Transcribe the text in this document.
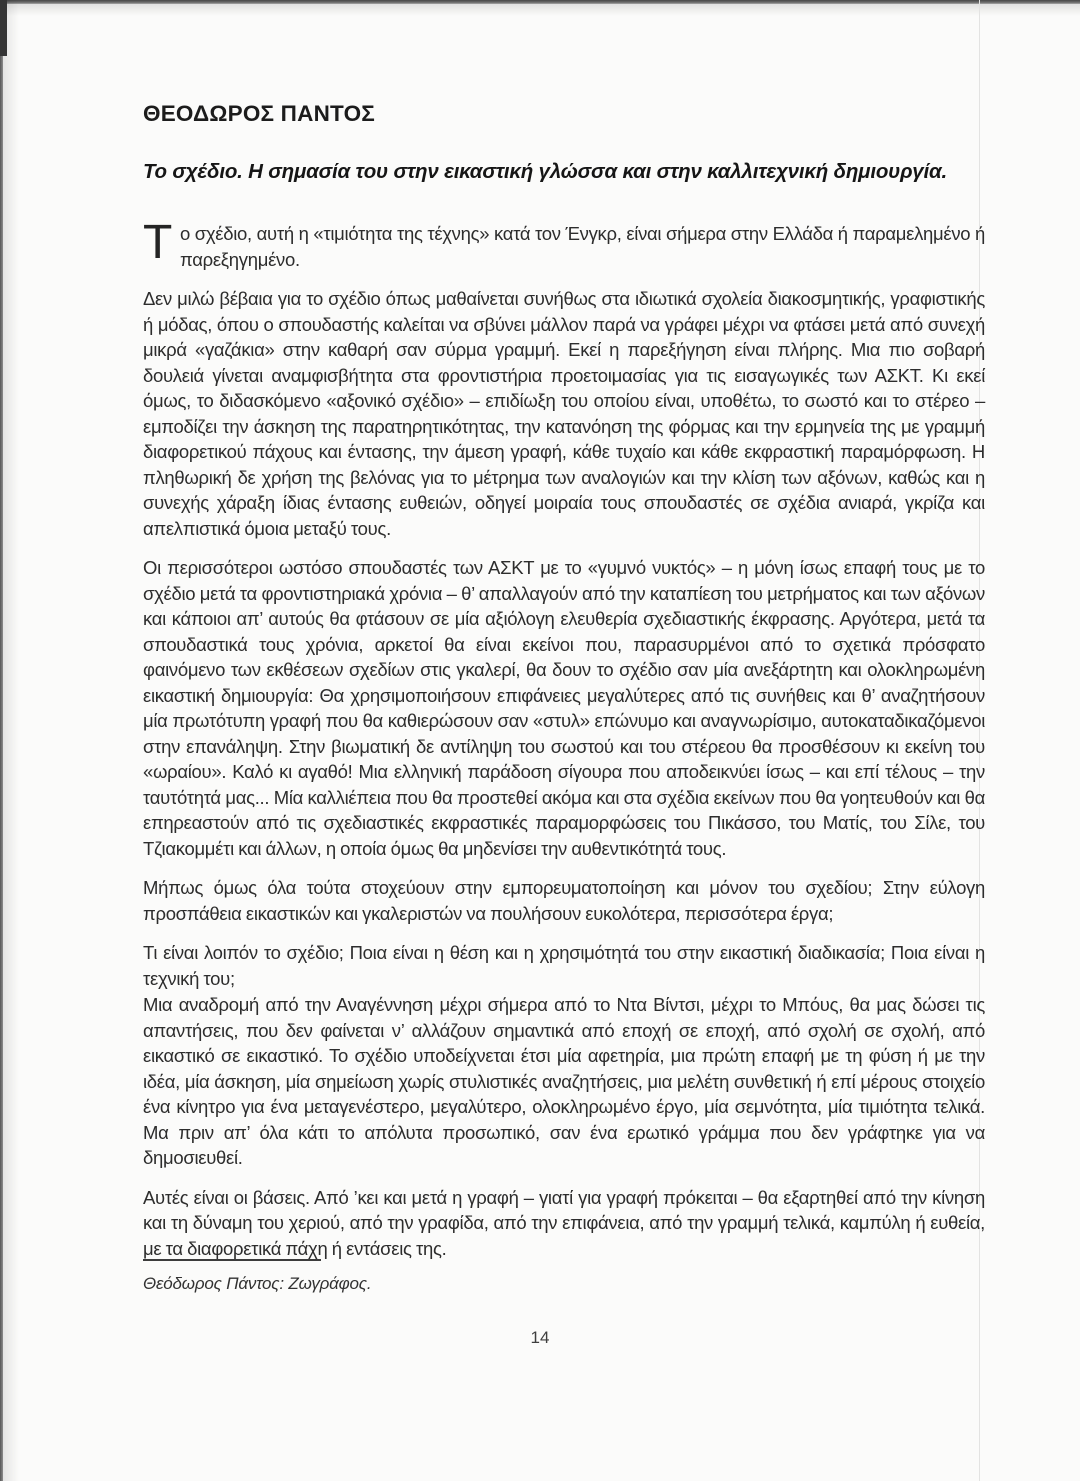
ΘΕΟΔΩΡΟΣ ΠΑΝΤΟΣ
Το σχέδιο. Η σημασία του στην εικαστική γλώσσα και στην καλλιτεχνική δημιουργία.

Το σχέδιο, αυτή η «τιμιότητα της τέχνης» κατά τον Ένγκρ, είναι σήμερα στην Ελλάδα ή παραμελημένο ή παρεξηγημένο.

Δεν μιλώ βέβαια για το σχέδιο όπως μαθαίνεται συνήθως στα ιδιωτικά σχολεία διακοσμητικής, γραφιστικής ή μόδας, όπου ο σπουδαστής καλείται να σβύνει μάλλον παρά να γράφει μέχρι να φτάσει μετά από συνεχή μικρά «γαζάκια» στην καθαρή σαν σύρμα γραμμή. Εκεί η παρεξήγηση είναι πλήρης. Μια πιο σοβαρή δουλειά γίνεται αναμφισβήτητα στα φροντιστήρια προετοιμασίας για τις εισαγωγικές των ΑΣΚΤ. Κι εκεί όμως, το διδασκόμενο «αξονικό σχέδιο» – επιδίωξη του οποίου είναι, υποθέτω, το σωστό και το στέρεο – εμποδίζει την άσκηση της παρατηρητικότητας, την κατανόηση της φόρμας και την ερμηνεία της με γραμμή διαφορετικού πάχους και έντασης, την άμεση γραφή, κάθε τυχαίο και κάθε εκφραστική παραμόρφωση. Η πληθωρική δε χρήση της βελόνας για το μέτρημα των αναλογιών και την κλίση των αξόνων, καθώς και η συνεχής χάραξη ίδιας έντασης ευθειών, οδηγεί μοιραία τους σπουδαστές σε σχέδια ανιαρά, γκρίζα και απελπιστικά όμοια μεταξύ τους.

Οι περισσότεροι ωστόσο σπουδαστές των ΑΣΚΤ με το «γυμνό νυκτός» – η μόνη ίσως επαφή τους με το σχέδιο μετά τα φροντιστηριακά χρόνια – θ’ απαλλαγούν από την καταπίεση του μετρήματος και των αξόνων και κάποιοι απ’ αυτούς θα φτάσουν σε μία αξιόλογη ελευθερία σχεδιαστικής έκφρασης. Αργότερα, μετά τα σπουδαστικά τους χρόνια, αρκετοί θα είναι εκείνοι που, παρασυρμένοι από το σχετικά πρόσφατο φαινόμενο των εκθέσεων σχεδίων στις γκαλερί, θα δουν το σχέδιο σαν μία ανεξάρτητη και ολοκληρωμένη εικαστική δημιουργία: Θα χρησιμοποιήσουν επιφάνειες μεγαλύτερες από τις συνήθεις και θ’ αναζητήσουν μία πρωτότυπη γραφή που θα καθιερώσουν σαν «στυλ» επώνυμο και αναγνωρίσιμο, αυτοκαταδικαζόμενοι στην επανάληψη. Στην βιωματική δε αντίληψη του σωστού και του στέρεου θα προσθέσουν κι εκείνη του «ωραίου». Καλό κι αγαθό! Μια ελληνική παράδοση σίγουρα που αποδεικνύει ίσως – και επί τέλους – την ταυτότητά μας... Μία καλλιέπεια που θα προστεθεί ακόμα και στα σχέδια εκείνων που θα γοητευθούν και θα επηρεαστούν από τις σχεδιαστικές εκφραστικές παραμορφώσεις του Πικάσσο, του Ματίς, του Σίλε, του Τζιακομμέτι και άλλων, η οποία όμως θα μηδενίσει την αυθεντικότητά τους.

Μήπως όμως όλα τούτα στοχεύουν στην εμπορευματοποίηση και μόνον του σχεδίου; Στην εύλογη προσπάθεια εικαστικών και γκαλεριστών να πουλήσουν ευκολότερα, περισσότερα έργα;

Τι είναι λοιπόν το σχέδιο; Ποια είναι η θέση και η χρησιμότητά του στην εικαστική διαδικασία; Ποια είναι η τεχνική του;

Μια αναδρομή από την Αναγέννηση μέχρι σήμερα από το Ντα Βίντσι, μέχρι το Μπόυς, θα μας δώσει τις απαντήσεις, που δεν φαίνεται ν’ αλλάζουν σημαντικά από εποχή σε εποχή, από σχολή σε σχολή, από εικαστικό σε εικαστικό. Το σχέδιο υποδείχνεται έτσι μία αφετηρία, μια πρώτη επαφή με τη φύση ή με την ιδέα, μία άσκηση, μία σημείωση χωρίς στυλιστικές αναζητήσεις, μια μελέτη συνθετική ή επί μέρους στοιχείο ένα κίνητρο για ένα μεταγενέστερο, μεγαλύτερο, ολοκληρωμένο έργο, μία σεμνότητα, μία τιμιότητα τελικά. Μα πριν απ’ όλα κάτι το απόλυτα προσωπικό, σαν ένα ερωτικό γράμμα που δεν γράφτηκε για να δημοσιευθεί.

Αυτές είναι οι βάσεις. Από ’κει και μετά η γραφή – γιατί για γραφή πρόκειται – θα εξαρτηθεί από την κίνηση και τη δύναμη του χεριού, από την γραφίδα, από την επιφάνεια, από την γραμμή τελικά, καμπύλη ή ευθεία, με τα διαφορετικά πάχη ή εντάσεις της.

Θεόδωρος Πάντος: Ζωγράφος.

14
